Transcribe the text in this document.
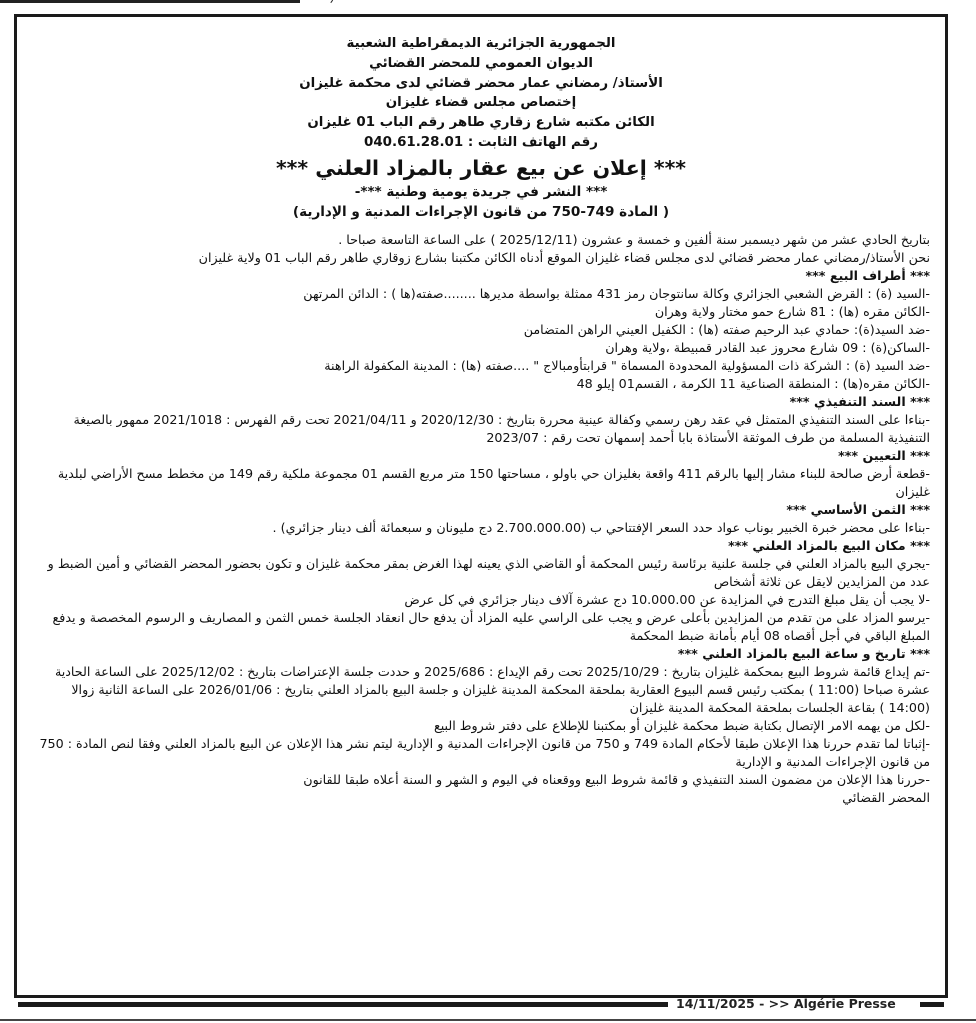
الجمهورية الجزائرية الديمقراطية الشعبية
الديوان العمومي للمحضر القضائي
الأستاذ/ رمضاني عمار محضر قضائي لدى محكمة غليزان
إختصاص مجلس قضاء غليزان
الكائن مكتبه شارع زقاري طاهر رقم الباب 01 غليزان
رقم الهاتف الثابت : 040.61.28.01
*** إعلان عن بيع عقار بالمزاد العلني ***
-*** النشر في جريدة يومية وطنية ***
(المادة 749-750 من قانون الإجراءات المدنية و الإدارية )

بتاريخ الحادي عشر من شهر ديسمبر سنة ألفين و خمسة و عشرون (2025/12/11 ) على الساعة التاسعة صباحا .

نحن الأستاذ/رمضاني عمار محضر قضائي لدى مجلس قضاء غليزان الموقع أدناه الكائن مكتبنا بشارع زوقاري طاهر رقم الباب 01 ولاية غليزان

*** أطراف البيع ***

-السيد (ة) : القرض الشعبي الجزائري وكالة سانتوجان رمز 431 ممثلة بواسطة مديرها ........صفته(ها ) : الدائن المرتهن

-الكائن مقره (ها) : 81 شارع حمو مختار ولاية وهران

-ضد السيد(ة): حمادي عبد الرحيم صفته (ها) : الكفيل العيني الراهن المتضامن

-الساكن(ة) : 09 شارع محروز عبد القادر قمبيطة ،ولاية وهران

-ضد السيد (ة) : الشركة ذات المسؤولية المحدودة المسماة " قرابتأومبالاج " ....صفته (ها) : المدينة المكفولة الراهنة

-الكائن مقره(ها) : المنطقة الصناعية 11 الكرمة ، القسم01 إيلو 48

*** السند التنفيذي ***

-بناءا على السند التنفيذي المتمثل في عقد رهن رسمي وكفالة عينية محررة بتاريخ : 2020/12/30 و 2021/04/11 تحت رقم الفهرس : 2021/1018 ممهور بالصيغة التنفيذية المسلمة من طرف الموثقة الأستاذة بابا أحمد إسمهان تحت رقم : 2023/07

*** التعيين ***

-قطعة أرض صالحة للبناء مشار إليها بالرقم 411 واقعة بغليزان حي باولو ، مساحتها 150 متر مربع القسم 01 مجموعة ملكية رقم 149 من مخطط مسح الأراضي لبلدية غليزان

*** الثمن الأساسي ***

-بناءا على محضر خبرة الخبير بوناب عواد حدد السعر الإفتتاحي ب (2.700.000.00 دج مليونان و سبعمائة ألف دينار جزائري) .

*** مكان البيع بالمزاد العلني ***

-يجري البيع بالمزاد العلني في جلسة علنية برئاسة رئيس المحكمة أو القاضي الذي يعينه لهذا الغرض بمقر محكمة غليزان و تكون بحضور المحضر القضائي و أمين الضبط و عدد من المزايدين لايقل عن ثلاثة أشخاص

-لا يجب أن يقل مبلغ التدرج في المزايدة عن 10.000.00 دج عشرة آلاف دينار جزائري في كل عرض

-يرسو المزاد على من تقدم من المزايدين بأعلى عرض و يجب على الراسي عليه المزاد أن يدفع حال انعقاد الجلسة خمس الثمن و المصاريف و الرسوم المخصصة و يدفع المبلغ الباقي في أجل أقصاه 08 أيام بأمانة ضبط المحكمة

*** تاريخ و ساعة البيع بالمزاد العلني ***

-تم إيداع قائمة شروط البيع بمحكمة غليزان بتاريخ : 2025/10/29 تحت رقم الإيداع : 2025/686 و حددت جلسة الإعتراضات بتاريخ : 2025/12/02 على الساعة الحادية عشرة صباحا (11:00 ) بمكتب رئيس قسم البيوع العقارية بملحقة المحكمة المدينة غليزان و جلسة البيع بالمزاد العلني بتاريخ : 2026/01/06 على الساعة الثانية زوالا (14:00 ) بقاعة الجلسات بملحقة المحكمة المدينة غليزان

-لكل من يهمه الامر الإتصال بكتابة ضبط محكمة غليزان أو بمكتبنا للإطلاع على دفتر شروط البيع

-إثباتا لما تقدم حررنا هذا الإعلان طبقا لأحكام المادة 749 و 750 من قانون الإجراءات المدنية و الإدارية ليتم نشر هذا الإعلان عن البيع بالمزاد العلني وفقا لنص المادة : 750 من قانون الإجراءات المدنية و الإدارية

-حررنا هذا الإعلان من مضمون السند التنفيذي و قائمة شروط البيع ووقعناه في اليوم و الشهر و السنة أعلاه طبقا للقانون

المحضر القضائي

14/11/2025 - >> Algérie Presse
